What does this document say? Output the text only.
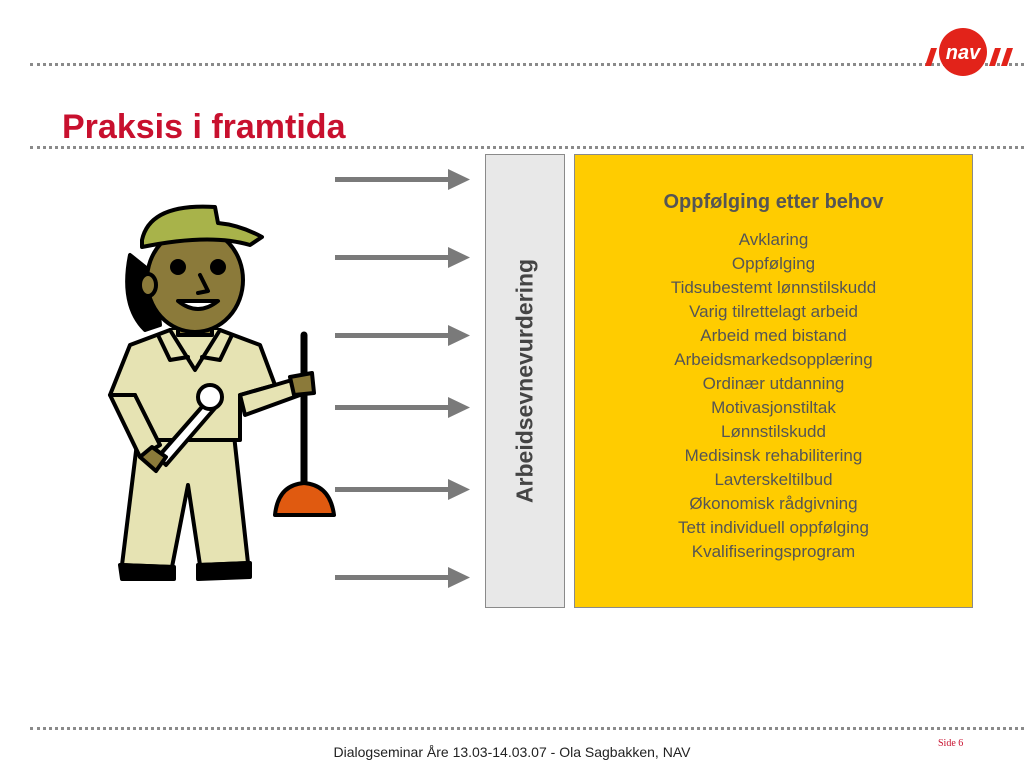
nav
Praksis i framtida
Arbeidsevnevurdering
Oppfølging etter behov
Avklaring
Oppfølging
Tidsubestemt lønnstilskudd
Varig tilrettelagt arbeid
Arbeid med bistand
Arbeidsmarkedsopplæring
Ordinær utdanning
Motivasjonstiltak
Lønnstilskudd
Medisinsk rehabilitering
Lavterskeltilbud
Økonomisk rådgivning
Tett individuell oppfølging
Kvalifiseringsprogram
Side 6
Dialogseminar Åre 13.03-14.03.07 - Ola Sagbakken, NAV
